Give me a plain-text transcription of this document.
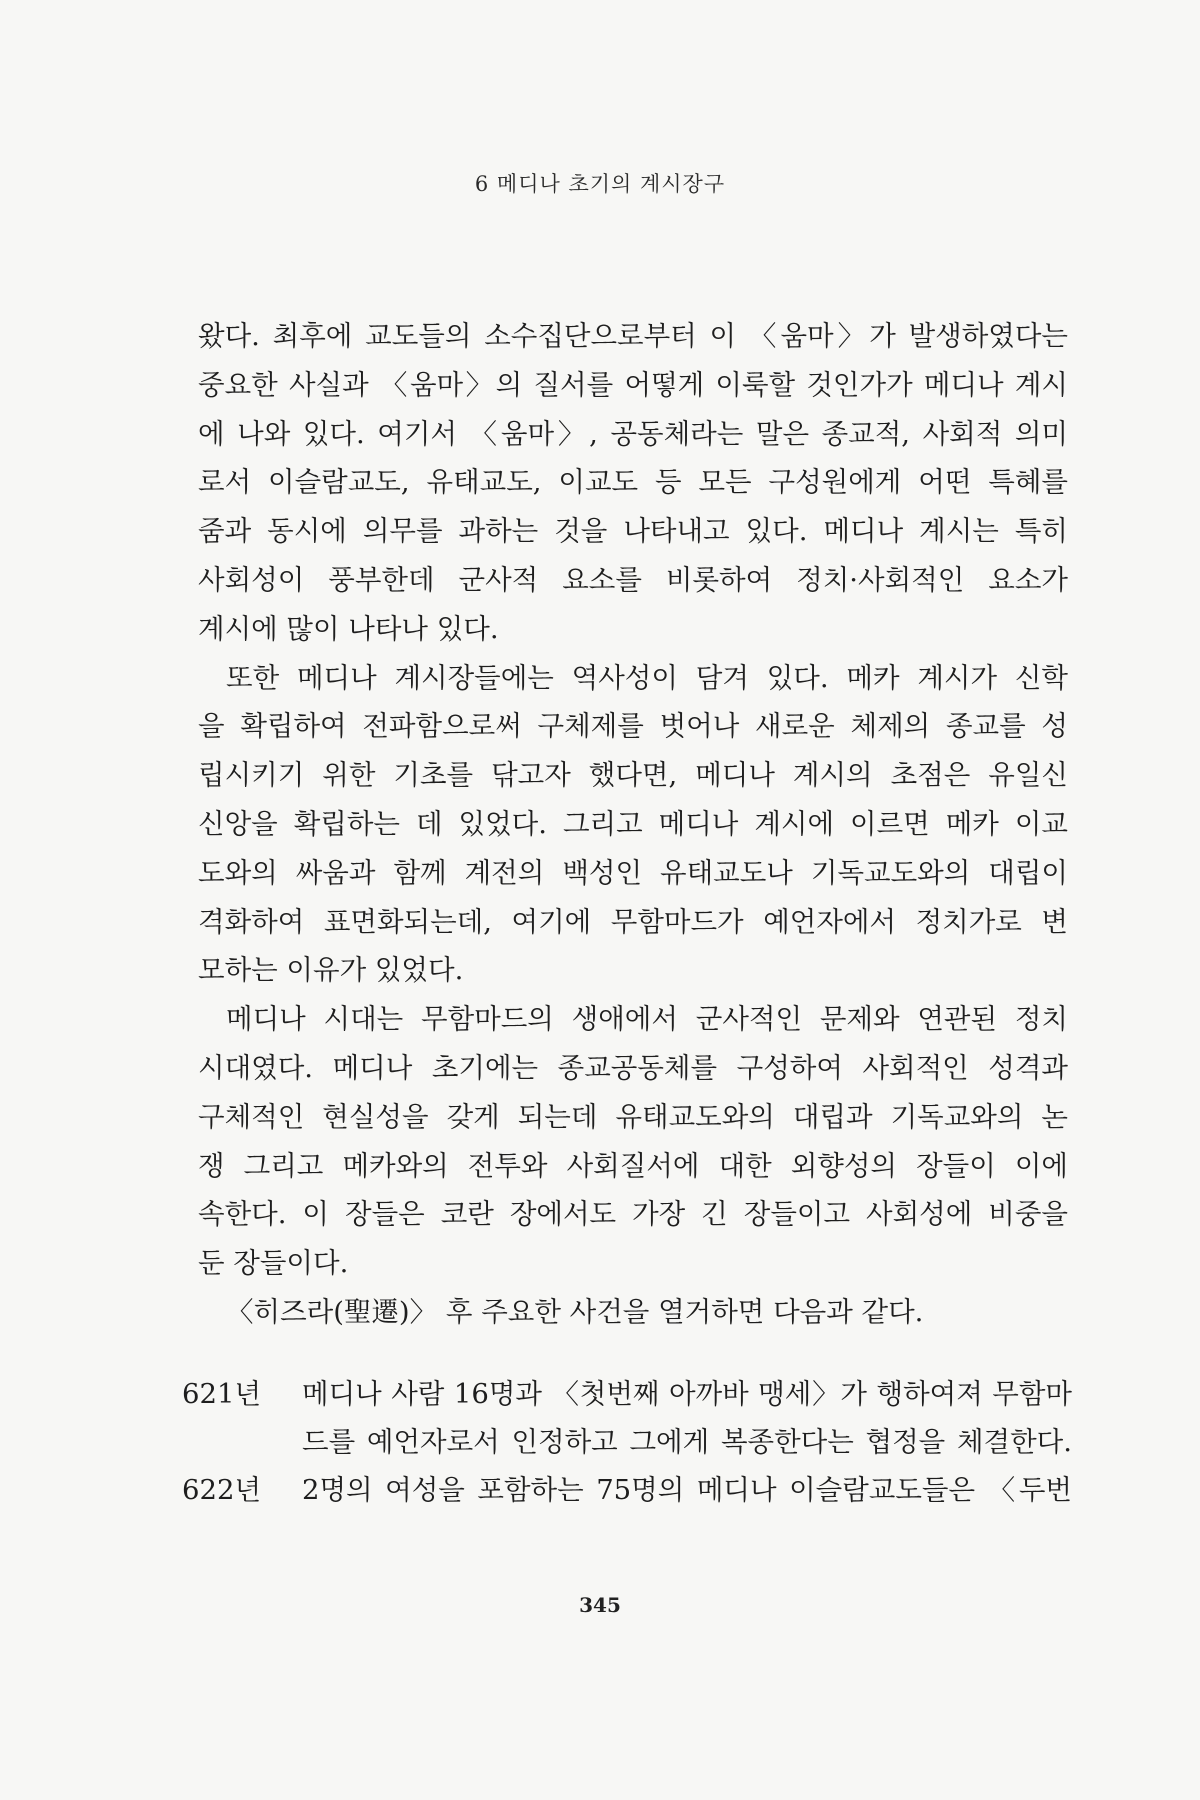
6 메디나 초기의 계시장구
왔다. 최후에 교도들의 소수집단으로부터 이 〈움마〉가 발생하였다는
중요한 사실과 〈움마〉의 질서를 어떻게 이룩할 것인가가 메디나 계시
에 나와 있다. 여기서 〈움마〉, 공동체라는 말은 종교적, 사회적 의미
로서 이슬람교도, 유태교도, 이교도 등 모든 구성원에게 어떤 특혜를
줌과 동시에 의무를 과하는 것을 나타내고 있다. 메디나 계시는 특히
사회성이 풍부한데 군사적 요소를 비롯하여 정치·사회적인 요소가
계시에 많이 나타나 있다.
또한 메디나 계시장들에는 역사성이 담겨 있다. 메카 계시가 신학
을 확립하여 전파함으로써 구체제를 벗어나 새로운 체제의 종교를 성
립시키기 위한 기초를 닦고자 했다면, 메디나 계시의 초점은 유일신
신앙을 확립하는 데 있었다. 그리고 메디나 계시에 이르면 메카 이교
도와의 싸움과 함께 계전의 백성인 유태교도나 기독교도와의 대립이
격화하여 표면화되는데, 여기에 무함마드가 예언자에서 정치가로 변
모하는 이유가 있었다.
메디나 시대는 무함마드의 생애에서 군사적인 문제와 연관된 정치
시대였다. 메디나 초기에는 종교공동체를 구성하여 사회적인 성격과
구체적인 현실성을 갖게 되는데 유태교도와의 대립과 기독교와의 논
쟁 그리고 메카와의 전투와 사회질서에 대한 외향성의 장들이 이에
속한다. 이 장들은 코란 장에서도 가장 긴 장들이고 사회성에 비중을
둔 장들이다.
〈히즈라(聖遷)〉 후 주요한 사건을 열거하면 다음과 같다.
621년	메디나 사람 16명과 〈첫번째 아까바 맹세〉가 행하여져 무함마
드를 예언자로서 인정하고 그에게 복종한다는 협정을 체결한다.
622년	2명의 여성을 포함하는 75명의 메디나 이슬람교도들은 〈두번
345
